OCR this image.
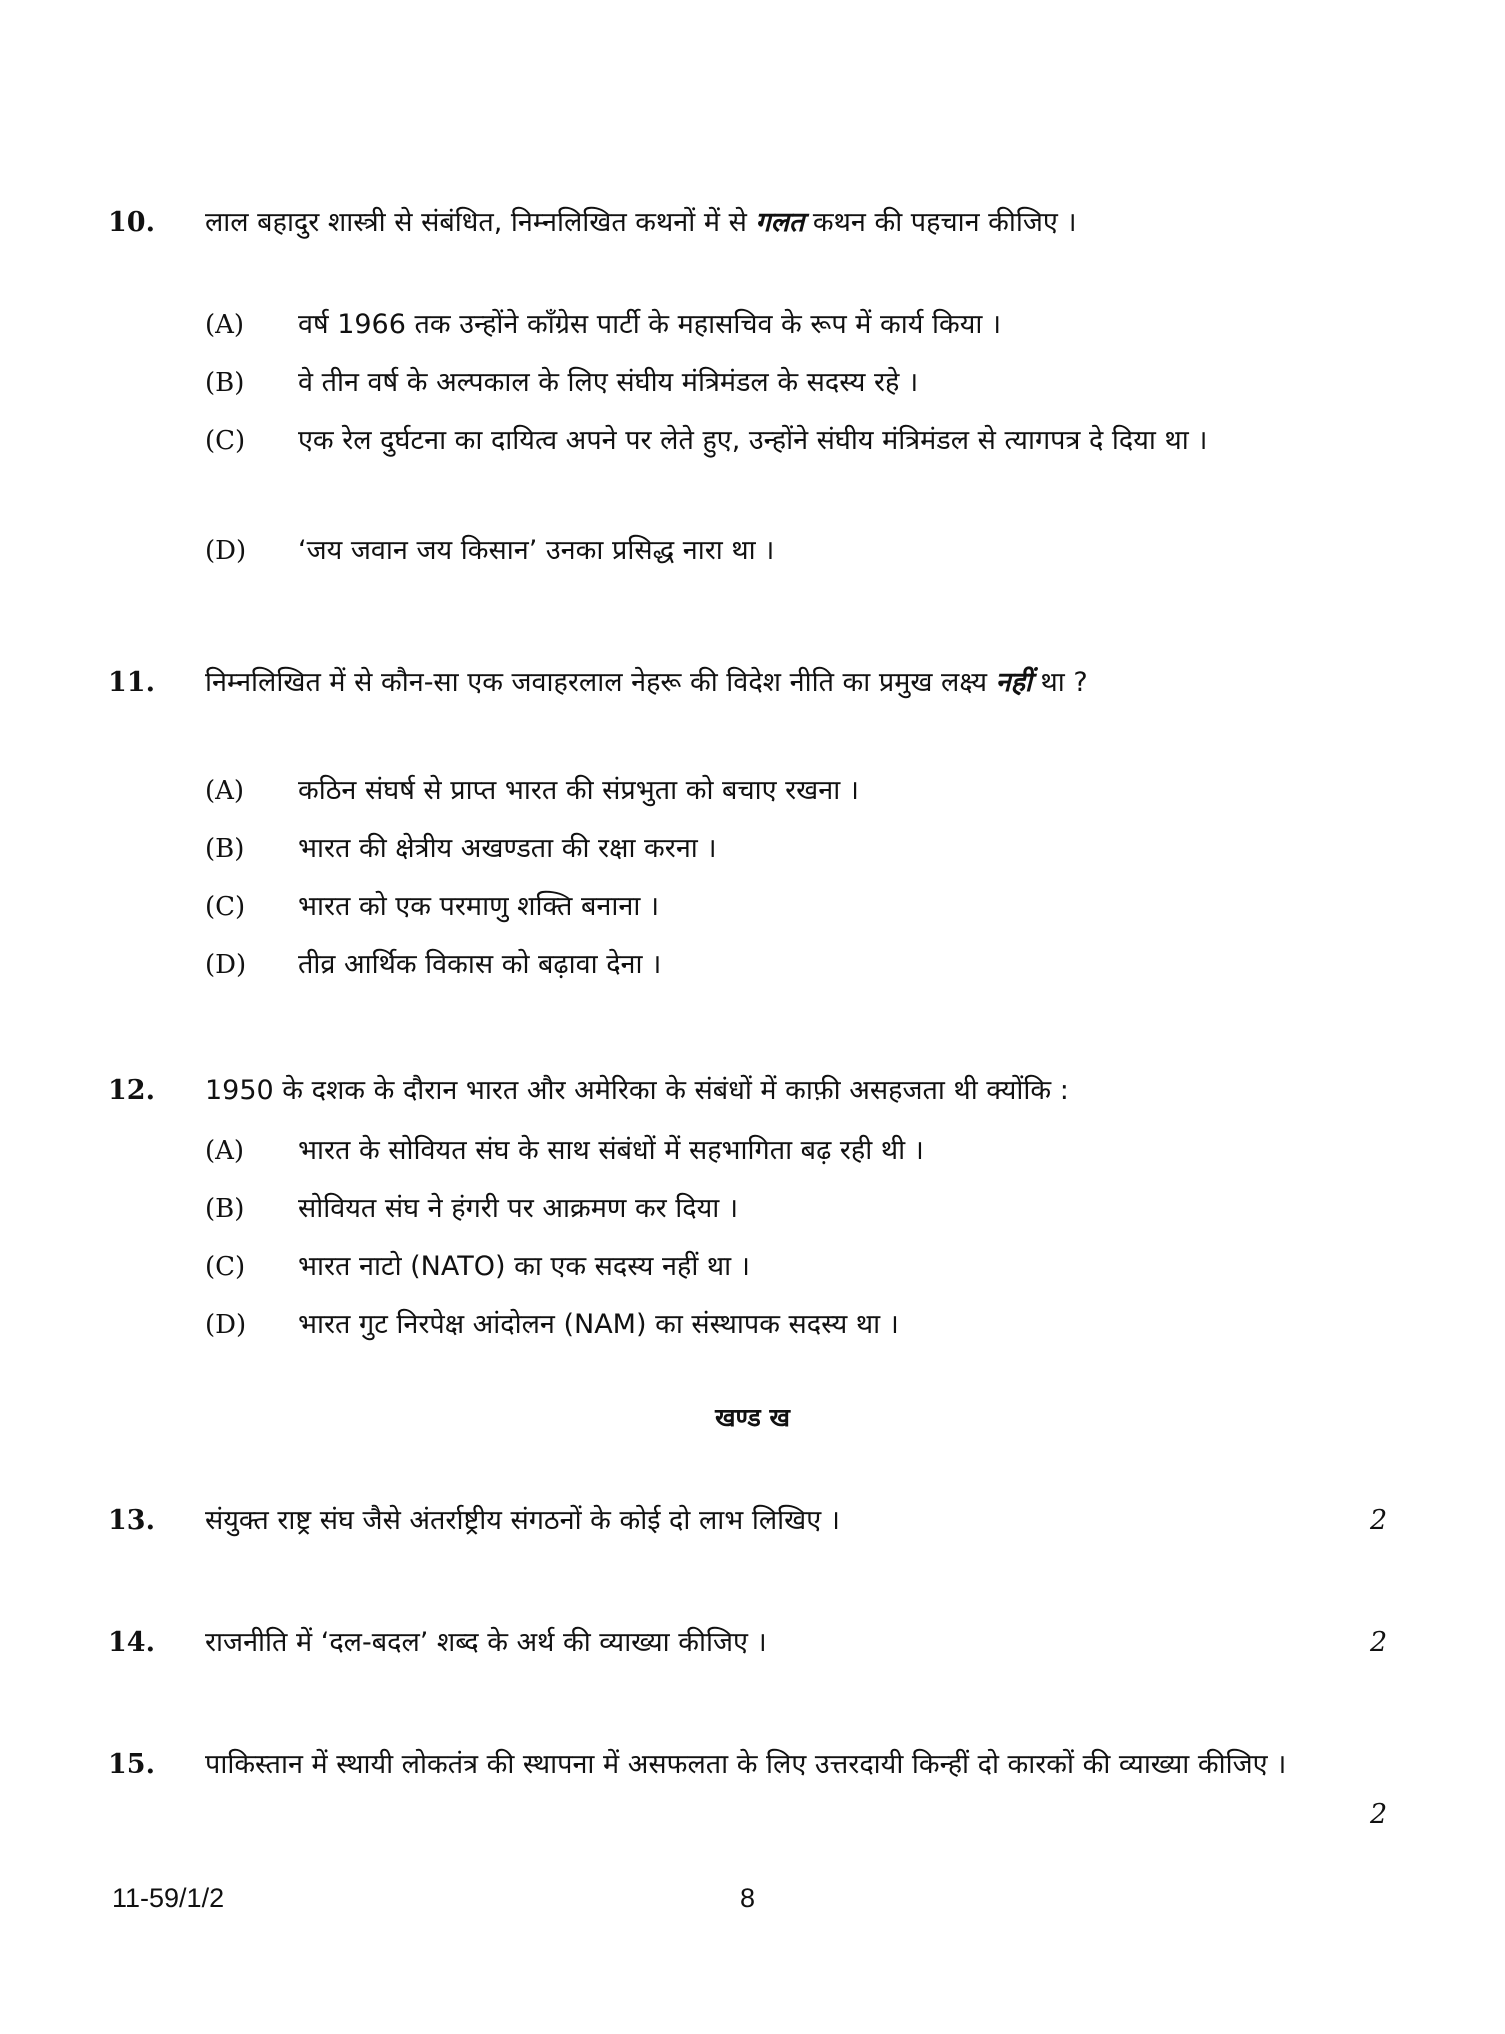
10. लाल बहादुर शास्त्री से संबंधित, निम्नलिखित कथनों में से गलत कथन की पहचान कीजिए ।
(A) वर्ष 1966 तक उन्होंने कॉंग्रेस पार्टी के महासचिव के रूप में कार्य किया ।
(B) वे तीन वर्ष के अल्पकाल के लिए संघीय मंत्रिमंडल के सदस्य रहे ।
(C) एक रेल दुर्घटना का दायित्व अपने पर लेते हुए, उन्होंने संघीय मंत्रिमंडल से त्यागपत्र दे दिया था ।
(D) ‘जय जवान जय किसान’ उनका प्रसिद्ध नारा था ।
11. निम्नलिखित में से कौन-सा एक जवाहरलाल नेहरू की विदेश नीति का प्रमुख लक्ष्य नहीं था ?
(A) कठिन संघर्ष से प्राप्त भारत की संप्रभुता को बचाए रखना ।
(B) भारत की क्षेत्रीय अखण्डता की रक्षा करना ।
(C) भारत को एक परमाणु शक्ति बनाना ।
(D) तीव्र आर्थिक विकास को बढ़ावा देना ।
12. 1950 के दशक के दौरान भारत और अमेरिका के संबंधों में काफ़ी असहजता थी क्योंकि :
(A) भारत के सोवियत संघ के साथ संबंधों में सहभागिता बढ़ रही थी ।
(B) सोवियत संघ ने हंगरी पर आक्रमण कर दिया ।
(C) भारत नाटो (NATO) का एक सदस्य नहीं था ।
(D) भारत गुट निरपेक्ष आंदोलन (NAM) का संस्थापक सदस्य था ।
खण्ड ख
13. संयुक्त राष्ट्र संघ जैसे अंतर्राष्ट्रीय संगठनों के कोई दो लाभ लिखिए ।	2
14. राजनीति में ‘दल-बदल’ शब्द के अर्थ की व्याख्या कीजिए ।	2
15. पाकिस्तान में स्थायी लोकतंत्र की स्थापना में असफलता के लिए उत्तरदायी किन्हीं दो कारकों की व्याख्या कीजिए ।
2
11-59/1/2	8
